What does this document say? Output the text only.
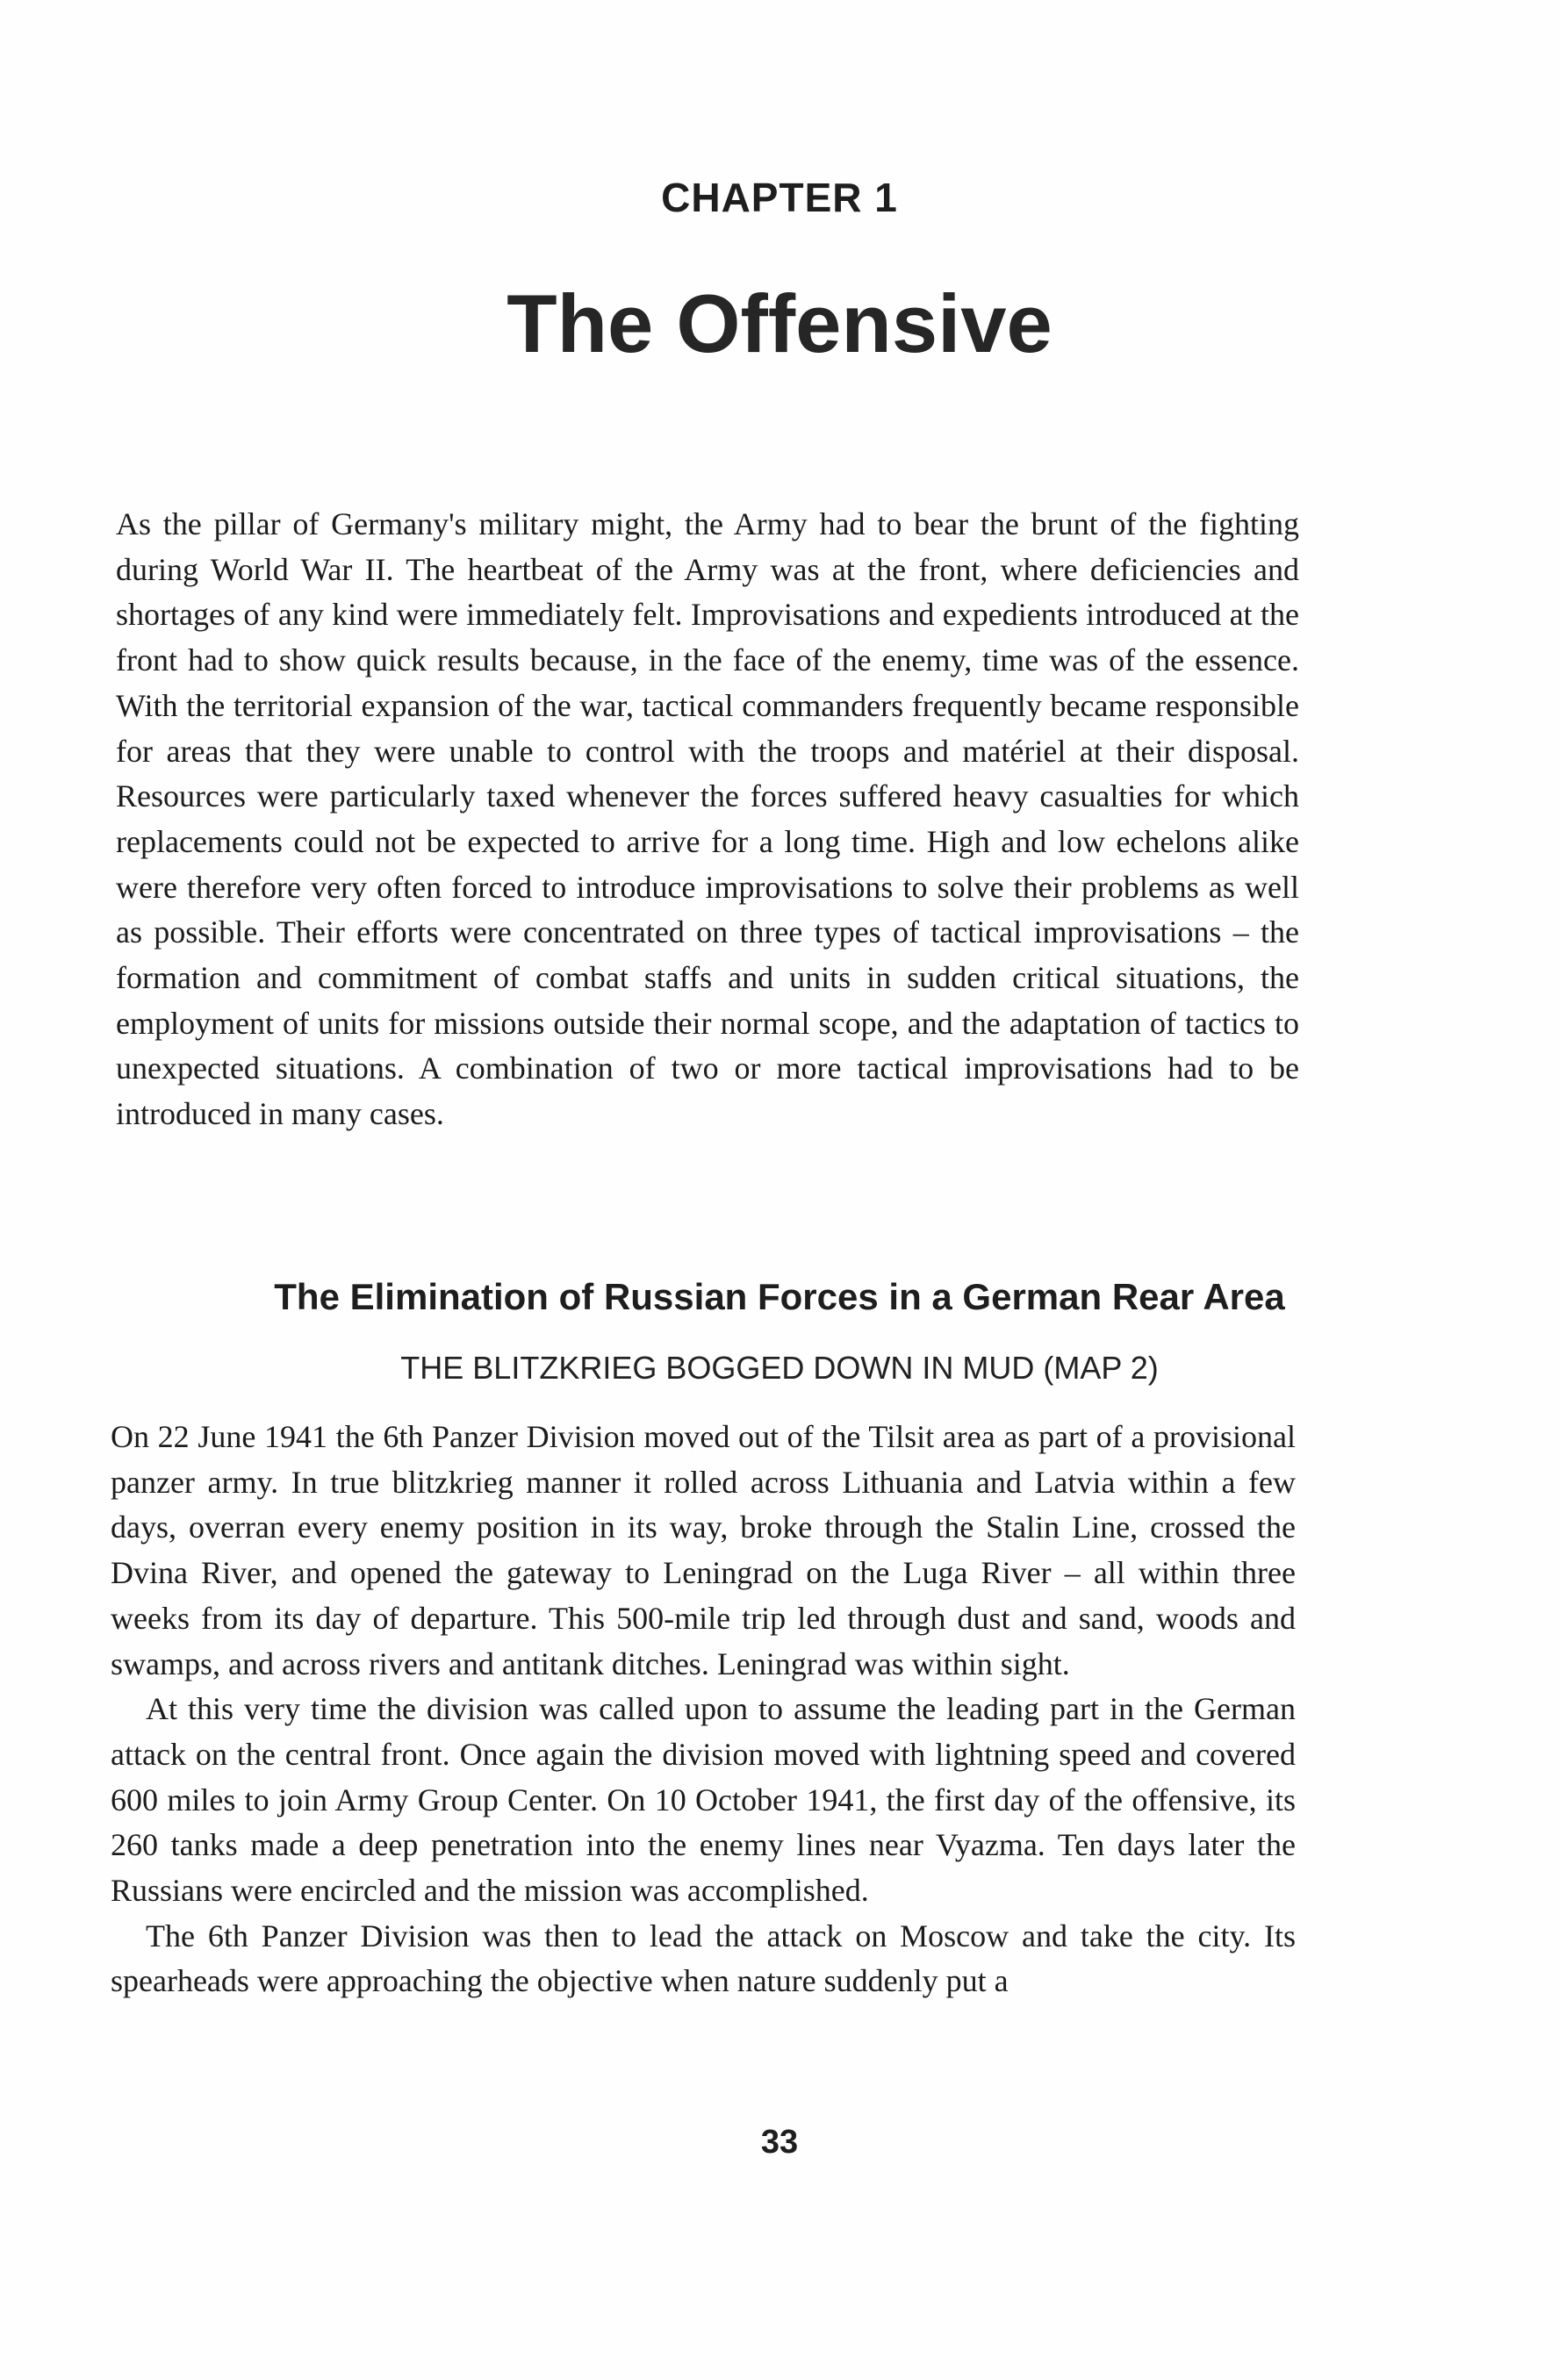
CHAPTER 1
The Offensive

As the pillar of Germany's military might, the Army had to bear the brunt of the fighting during World War II. The heartbeat of the Army was at the front, where deficiencies and shortages of any kind were immediately felt. Improvisations and expedients introduced at the front had to show quick results because, in the face of the enemy, time was of the essence. With the territorial expansion of the war, tactical commanders frequently became responsible for areas that they were unable to control with the troops and matériel at their disposal. Resources were particularly taxed whenever the forces suffered heavy casualties for which replacements could not be expected to arrive for a long time. High and low echelons alike were therefore very often forced to introduce improvisations to solve their problems as well as possible. Their efforts were concentrated on three types of tactical improvisations – the formation and commitment of combat staffs and units in sudden critical situations, the employment of units for missions outside their normal scope, and the adaptation of tactics to unexpected situations. A combination of two or more tactical improvisations had to be introduced in many cases.

The Elimination of Russian Forces in a German Rear Area
THE BLITZKRIEG BOGGED DOWN IN MUD (MAP 2)

On 22 June 1941 the 6th Panzer Division moved out of the Tilsit area as part of a provisional panzer army. In true blitzkrieg manner it rolled across Lithuania and Latvia within a few days, overran every enemy position in its way, broke through the Stalin Line, crossed the Dvina River, and opened the gateway to Leningrad on the Luga River – all within three weeks from its day of departure. This 500-mile trip led through dust and sand, woods and swamps, and across rivers and antitank ditches. Leningrad was within sight.

At this very time the division was called upon to assume the leading part in the German attack on the central front. Once again the division moved with lightning speed and covered 600 miles to join Army Group Center. On 10 October 1941, the first day of the offensive, its 260 tanks made a deep penetration into the enemy lines near Vyazma. Ten days later the Russians were encircled and the mission was accomplished.

The 6th Panzer Division was then to lead the attack on Moscow and take the city. Its spearheads were approaching the objective when nature suddenly put a

33
